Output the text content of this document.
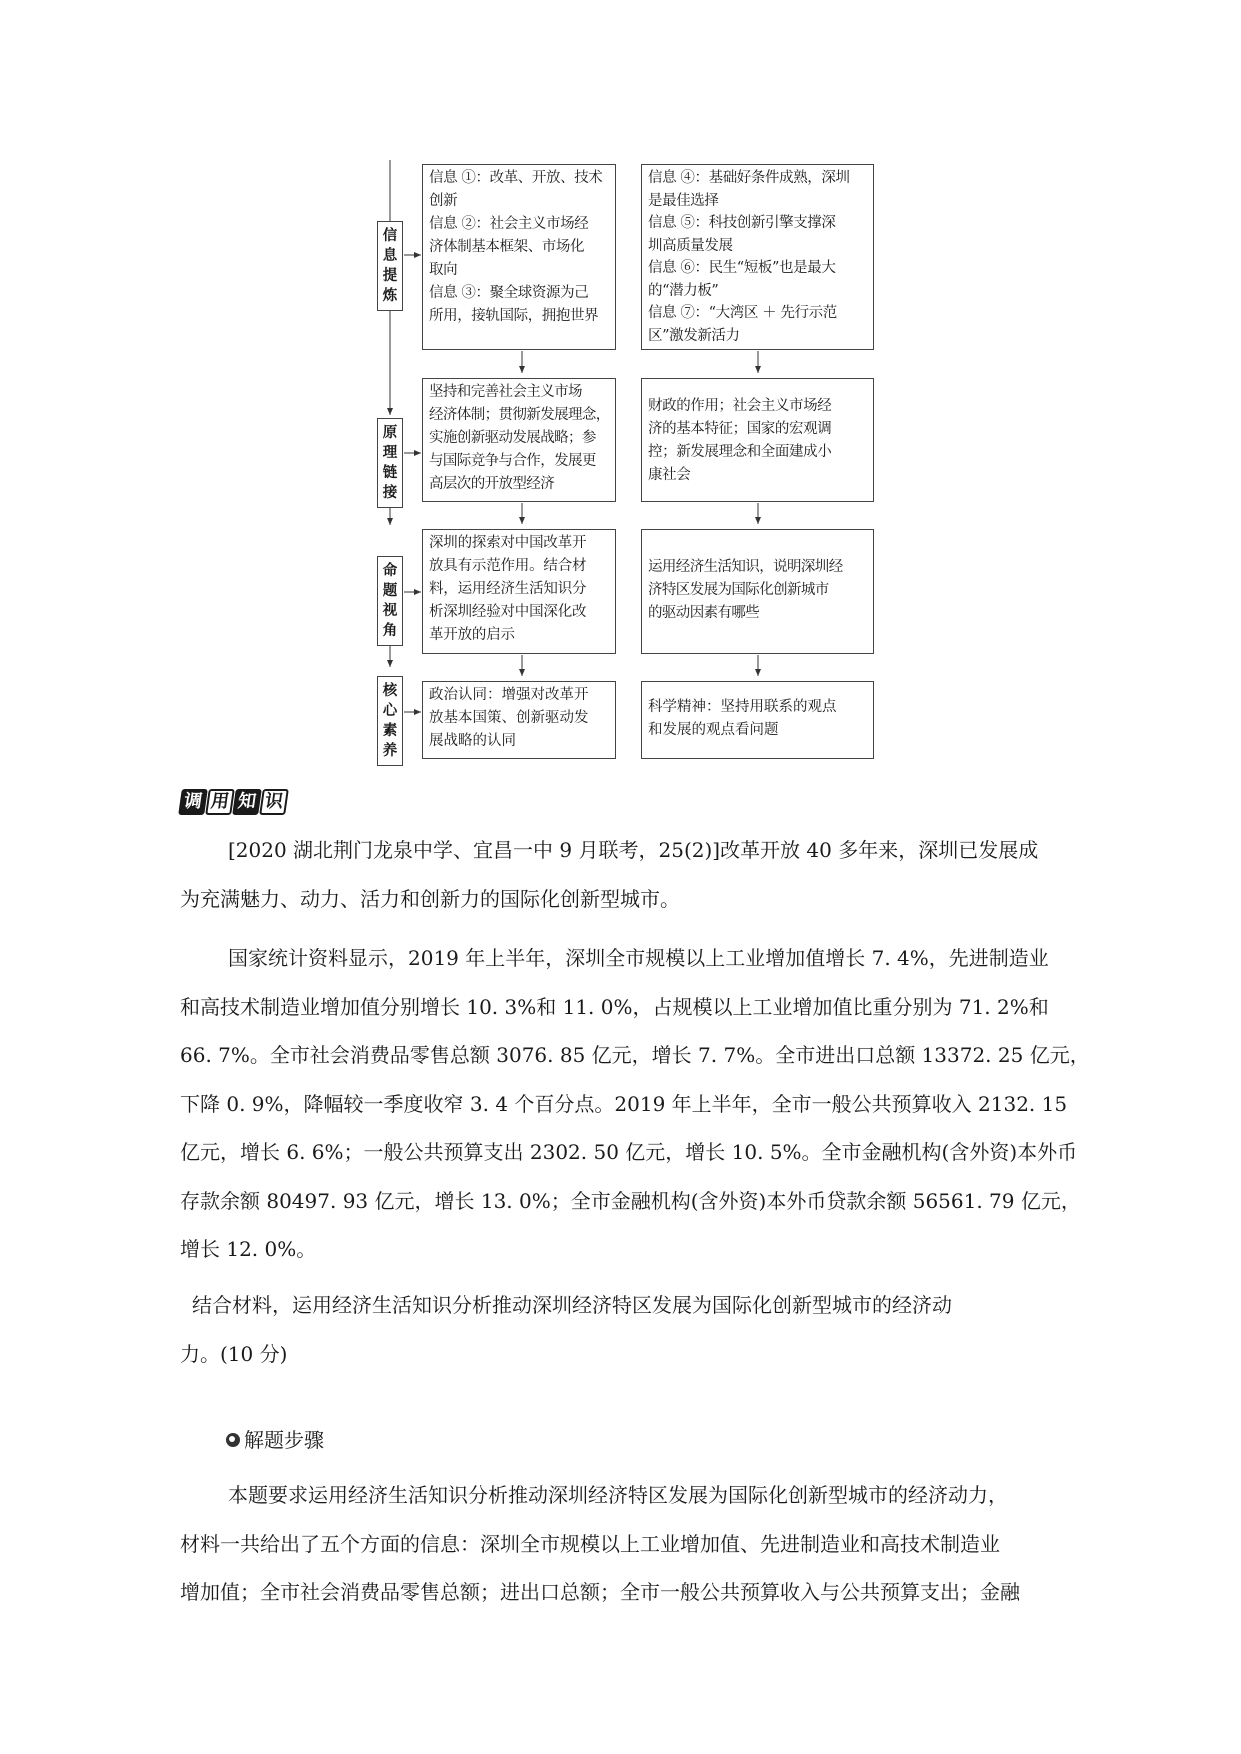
信
息
提
炼
原
理
链
接
命
题
视
角
核
心
素
养
信息 ①：改革、开放、技术
创新
信息 ②：社会主义市场经
济体制基本框架、市场化
取向
信息 ③：聚全球资源为己
所用，接轨国际，拥抱世界
信息 ④：基础好条件成熟，深圳
是最佳选择
信息 ⑤：科技创新引擎支撑深
圳高质量发展
信息 ⑥：民生“短板”也是最大
的“潜力板”
信息 ⑦：“大湾区 ＋ 先行示范
区”激发新活力
坚持和完善社会主义市场
经济体制；贯彻新发展理念，
实施创新驱动发展战略；参
与国际竞争与合作，发展更
高层次的开放型经济
财政的作用；社会主义市场经
济的基本特征；国家的宏观调
控；新发展理念和全面建成小
康社会
深圳的探索对中国改革开
放具有示范作用。结合材
料，运用经济生活知识分
析深圳经验对中国深化改
革开放的启示
运用经济生活知识，说明深圳经
济特区发展为国际化创新城市
的驱动因素有哪些
政治认同：增强对改革开
放基本国策、创新驱动发
展战略的认同
科学精神：坚持用联系的观点
和发展的观点看问题
调 用 知 识
[2020 湖北荆门龙泉中学、宜昌一中 9 月联考，25(2)]改革开放 40 多年来，深圳已发展成
为充满魅力、动力、活力和创新力的国际化创新型城市。
国家统计资料显示，2019 年上半年，深圳全市规模以上工业增加值增长 7. 4%，先进制造业
和高技术制造业增加值分别增长 10. 3%和 11. 0%，占规模以上工业增加值比重分别为 71. 2%和
66. 7%。全市社会消费品零售总额 3076. 85 亿元，增长 7. 7%。全市进出口总额 13372. 25 亿元，
下降 0. 9%，降幅较一季度收窄 3. 4 个百分点。2019 年上半年，全市一般公共预算收入 2132. 15
亿元，增长 6. 6%；一般公共预算支出 2302. 50 亿元，增长 10. 5%。全市金融机构(含外资)本外币
存款余额 80497. 93 亿元，增长 13. 0%；全市金融机构(含外资)本外币贷款余额 56561. 79 亿元，
增长 12. 0%。
结合材料，运用经济生活知识分析推动深圳经济特区发展为国际化创新型城市的经济动
力。(10 分)
解题步骤
本题要求运用经济生活知识分析推动深圳经济特区发展为国际化创新型城市的经济动力，
材料一共给出了五个方面的信息：深圳全市规模以上工业增加值、先进制造业和高技术制造业
增加值；全市社会消费品零售总额；进出口总额；全市一般公共预算收入与公共预算支出；金融
